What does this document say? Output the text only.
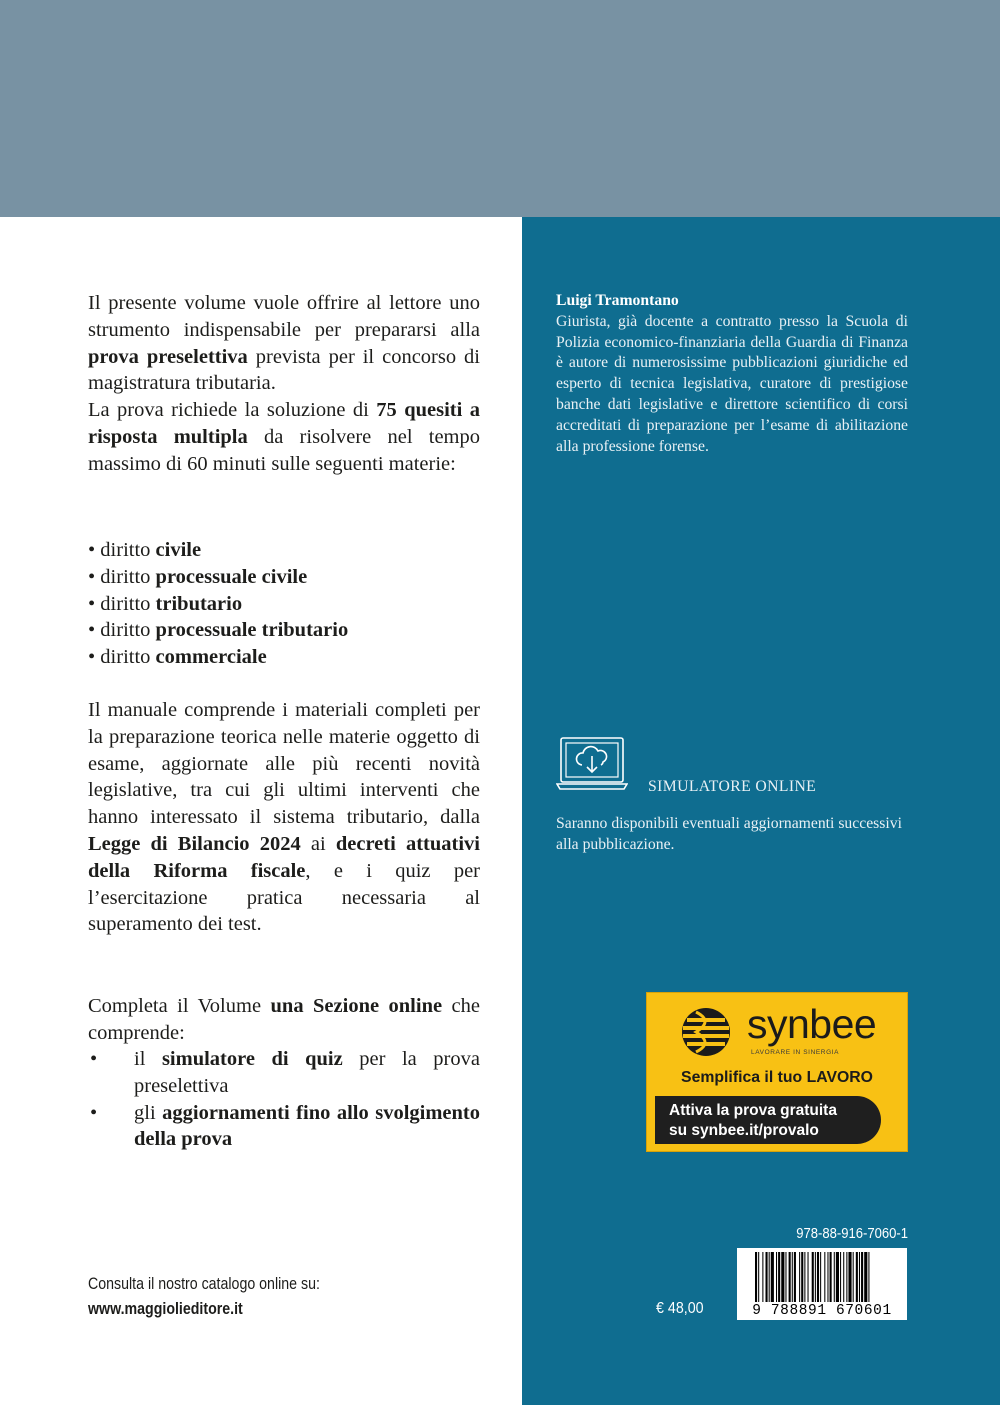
Il presente volume vuole offrire al lettore uno strumento indispensabile per prepararsi alla prova preselettiva prevista per il concorso di magistratura tributaria.

La prova richiede la soluzione di 75 quesiti a risposta multipla da risolvere nel tempo massimo di 60 minuti sulle seguenti materie:

• diritto civile
• diritto processuale civile
• diritto tributario
• diritto processuale tributario
• diritto commerciale

Il manuale comprende i materiali completi per la preparazione teorica nelle materie oggetto di esame, aggiornate alle più recenti novità legislative, tra cui gli ultimi interventi che hanno interessato il sistema tributario, dalla Legge di Bilancio 2024 ai decreti attuativi della Riforma fiscale, e i quiz per l’esercitazione pratica necessaria al superamento dei test.

Completa il Volume una Sezione online che comprende:

• il simulatore di quiz per la prova preselettiva
• gli aggiornamenti fino allo svolgimento della prova
Consulta il nostro catalogo online su:
www.maggiolieditore.it
Luigi Tramontano
Giurista, già docente a contratto presso la Scuola di Polizia economico-finanziaria della Guardia di Finanza è autore di numerosissime pubblicazioni giuridiche ed esperto di tecnica legislativa, curatore di prestigiose banche dati legislative e direttore scientifico di corsi accreditati di preparazione per l’esame di abilitazione alla professione forense.
SIMULATORE ONLINE
Saranno disponibili eventuali aggiornamenti successivi alla pubblicazione.
synbee
LAVORARE IN SINERGIA
Semplifica il tuo LAVORO
Attiva la prova gratuita
su synbee.it/provalo
978-88-916-7060-1
9 788891 670601
€ 48,00
